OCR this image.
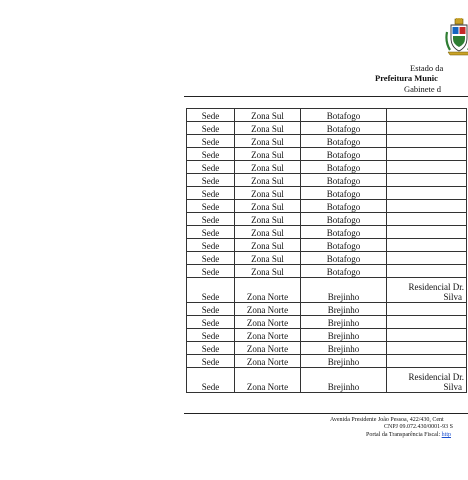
Estado da
Prefeitura Munic
Gabinete d
Sede	Zona Sul	Botafogo	
Sede	Zona Sul	Botafogo	
Sede	Zona Sul	Botafogo	
Sede	Zona Sul	Botafogo	
Sede	Zona Sul	Botafogo	
Sede	Zona Sul	Botafogo	
Sede	Zona Sul	Botafogo	
Sede	Zona Sul	Botafogo	
Sede	Zona Sul	Botafogo	
Sede	Zona Sul	Botafogo	
Sede	Zona Sul	Botafogo	
Sede	Zona Sul	Botafogo	
Sede	Zona Sul	Botafogo	
Sede	Zona Norte	Brejinho	Residencial Dr.
Silva

Sede	Zona Norte	Brejinho	
Sede	Zona Norte	Brejinho	
Sede	Zona Norte	Brejinho	
Sede	Zona Norte	Brejinho	
Sede	Zona Norte	Brejinho	
Sede	Zona Norte	Brejinho	Residencial Dr.
Silva
Avenida Presidente João Pessoa, 422/430, Cent
CNPJ 09.072.430/0001-93 S
Portal da Transparência Fiscal: http
